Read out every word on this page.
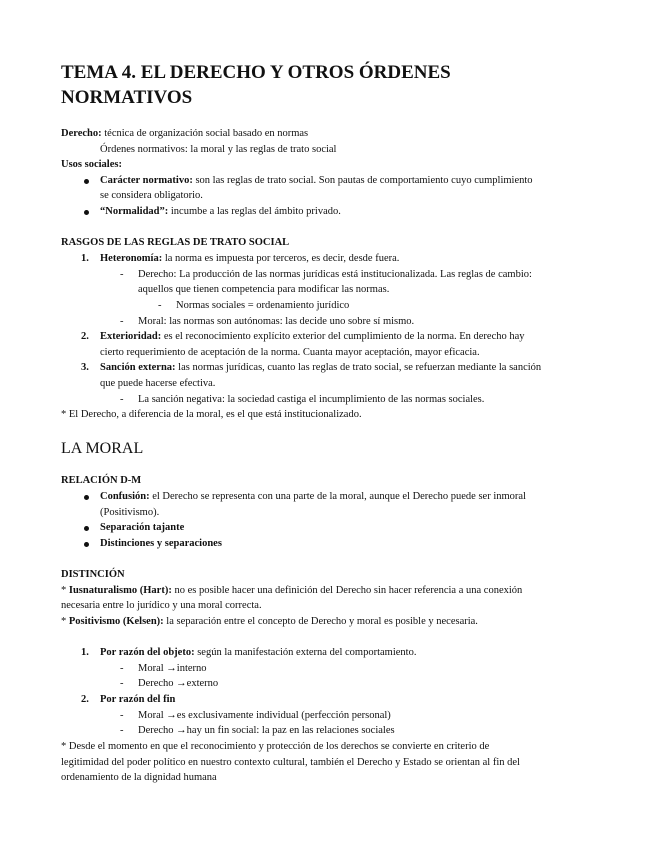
TEMA 4. EL DERECHO Y OTROS ÓRDENES
NORMATIVOS
Derecho: técnica de organización social basado en normas
Órdenes normativos: la moral y las reglas de trato social
Usos sociales:
Carácter normativo: son las reglas de trato social. Son pautas de comportamiento cuyo cumplimiento
se considera obligatorio.
“Normalidad”: incumbe a las reglas del ámbito privado.
RASGOS DE LAS REGLAS DE TRATO SOCIAL
1. Heteronomía: la norma es impuesta por terceros, es decir, desde fuera.
- Derecho: La producción de las normas jurídicas está institucionalizada. Las reglas de cambio:
aquellos que tienen competencia para modificar las normas.
- Normas sociales = ordenamiento jurídico
- Moral: las normas son autónomas: las decide uno sobre sí mismo.
2. Exterioridad: es el reconocimiento explícito exterior del cumplimiento de la norma. En derecho hay
cierto requerimiento de aceptación de la norma. Cuanta mayor aceptación, mayor eficacia.
3. Sanción externa: las normas jurídicas, cuanto las reglas de trato social, se refuerzan mediante la sanción
que puede hacerse efectiva.
- La sanción negativa: la sociedad castiga el incumplimiento de las normas sociales.
* El Derecho, a diferencia de la moral, es el que está institucionalizado.
LA MORAL
RELACIÓN D-M
Confusión: el Derecho se representa con una parte de la moral, aunque el Derecho puede ser inmoral
(Positivismo).
Separación tajante
Distinciones y separaciones
DISTINCIÓN
* Iusnaturalismo (Hart): no es posible hacer una definición del Derecho sin hacer referencia a una conexión
necesaria entre lo jurídico y una moral correcta.
* Positivismo (Kelsen): la separación entre el concepto de Derecho y moral es posible y necesaria.
1. Por razón del objeto: según la manifestación externa del comportamiento.
- Moral →interno
- Derecho →externo
2. Por razón del fin
- Moral →es exclusivamente individual (perfección personal)
- Derecho →hay un fin social: la paz en las relaciones sociales
* Desde el momento en que el reconocimiento y protección de los derechos se convierte en criterio de
legitimidad del poder político en nuestro contexto cultural, también el Derecho y Estado se orientan al fin del
ordenamiento de la dignidad humana
